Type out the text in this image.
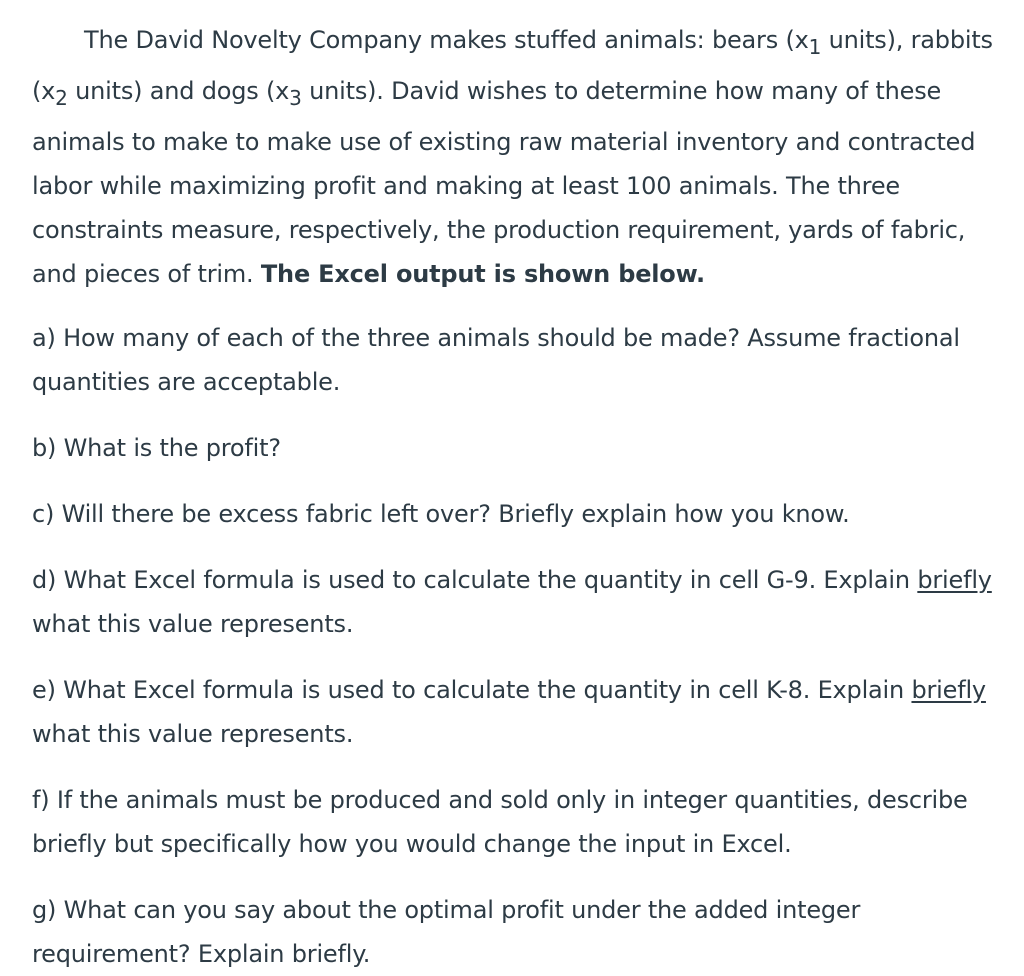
The David Novelty Company makes stuffed animals: bears ($x_1$ units), rabbits ($x_2$ units) and dogs ($x_3$ units). David wishes to determine how many of these animals to make to make use of existing raw material inventory and contracted labor while maximizing profit and making at least 100 animals. The three constraints measure, respectively, the production requirement, yards of fabric, and pieces of trim. The Excel output is shown below.

a) How many of each of the three animals should be made? Assume fractional quantities are acceptable.

b) What is the profit?

c) Will there be excess fabric left over? Briefly explain how you know.

d) What Excel formula is used to calculate the quantity in cell G-9. Explain briefly what this value represents.

e) What Excel formula is used to calculate the quantity in cell K-8. Explain briefly what this value represents.

f) If the animals must be produced and sold only in integer quantities, describe briefly but specifically how you would change the input in Excel.

g) What can you say about the optimal profit under the added integer requirement? Explain briefly.
